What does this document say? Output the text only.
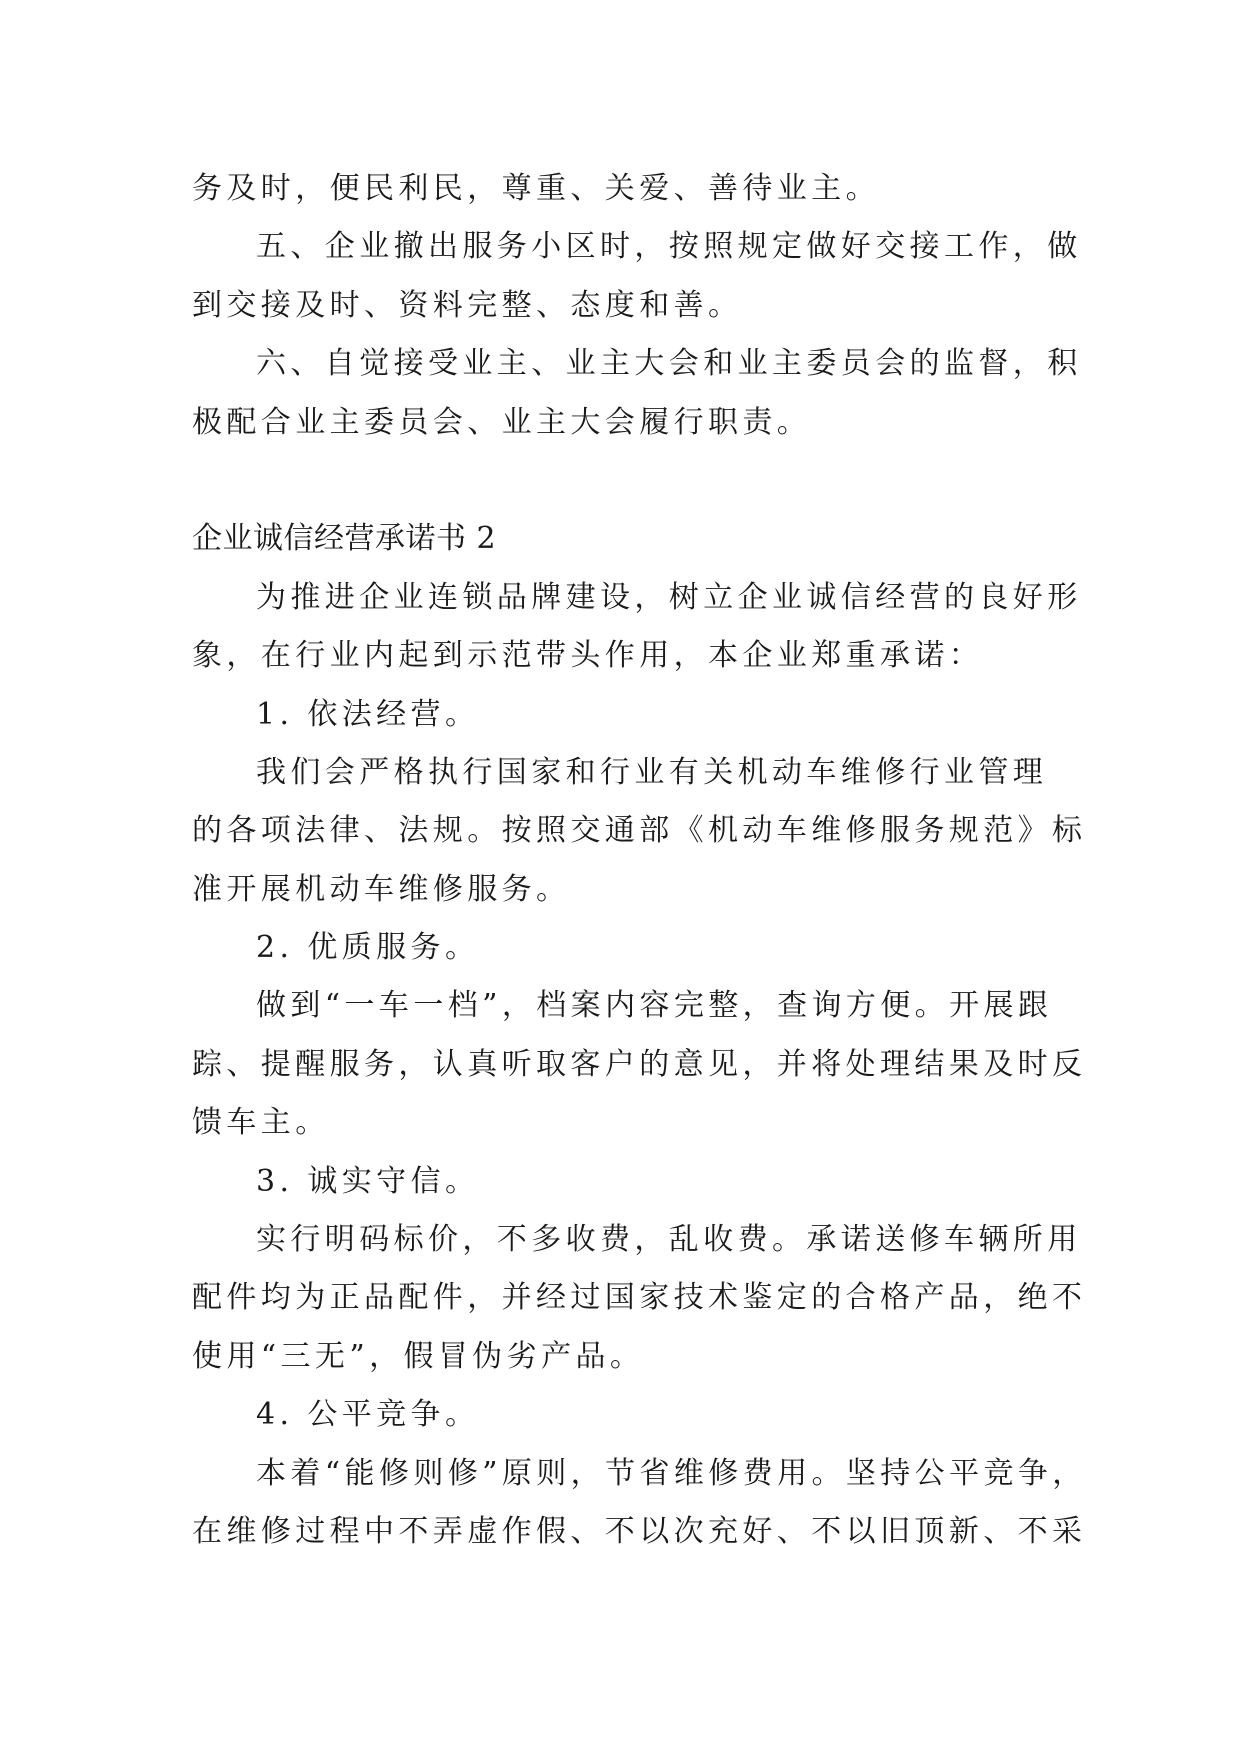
务及时，便民利民，尊重、关爱、善待业主。
五、企业撤出服务小区时，按照规定做好交接工作，做
到交接及时、资料完整、态度和善。
六、自觉接受业主、业主大会和业主委员会的监督，积
极配合业主委员会、业主大会履行职责。
企业诚信经营承诺书 2
为推进企业连锁品牌建设，树立企业诚信经营的良好形
象，在行业内起到示范带头作用，本企业郑重承诺：
1. 依法经营。
我们会严格执行国家和行业有关机动车维修行业管理
的各项法律、法规。按照交通部《机动车维修服务规范》标
准开展机动车维修服务。
2. 优质服务。
做到“一车一档”，档案内容完整，查询方便。开展跟
踪、提醒服务，认真听取客户的意见，并将处理结果及时反
馈车主。
3. 诚实守信。
实行明码标价，不多收费，乱收费。承诺送修车辆所用
配件均为正品配件，并经过国家技术鉴定的合格产品，绝不
使用“三无”，假冒伪劣产品。
4. 公平竞争。
本着“能修则修”原则，节省维修费用。坚持公平竞争，
在维修过程中不弄虚作假、不以次充好、不以旧顶新、不采
